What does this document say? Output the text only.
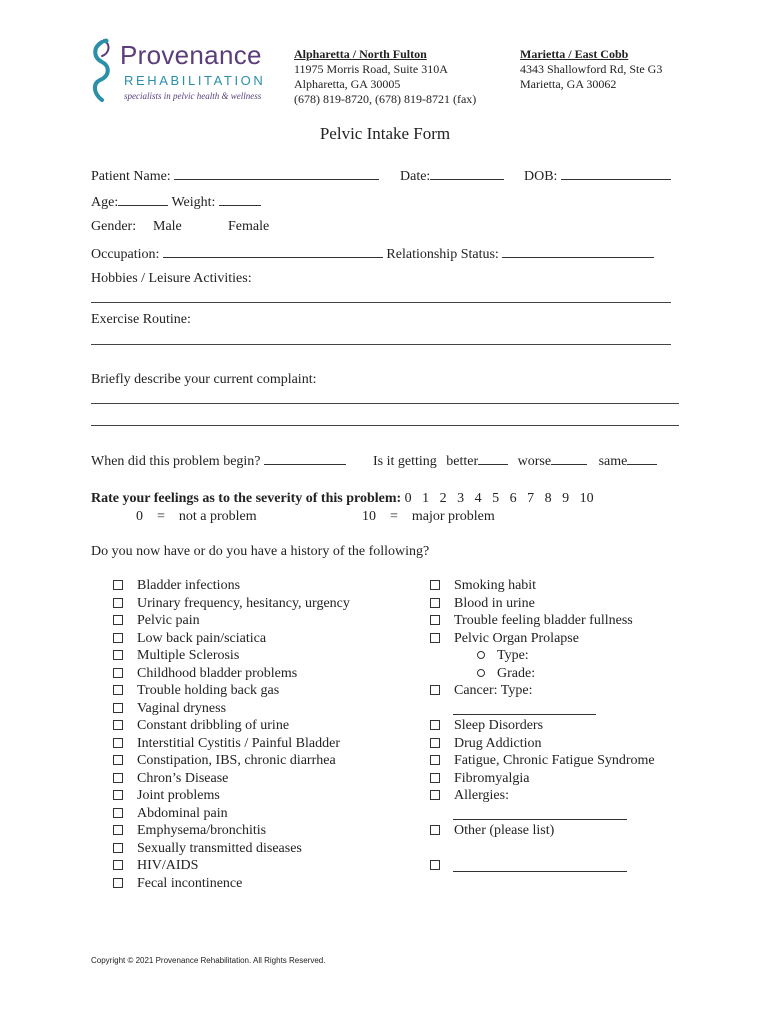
Provenance
REHABILITATION
specialists in pelvic health & wellness
Alpharetta / North Fulton
11975 Morris Road, Suite 310A
Alpharetta, GA 30005
(678) 819-8720, (678) 819-8721 (fax)
Marietta / East Cobb
4343 Shallowford Rd, Ste G3
Marietta, GA 30062
Pelvic Intake Form
Patient Name:	Date:	DOB:
Age:	Weight:
Gender: Male	Female
Occupation:	Relationship Status:
Hobbies / Leisure Activities:
Exercise Routine:
Briefly describe your current complaint:
When did this problem begin?	Is it getting better	worse	same
Rate your feelings as to the severity of this problem: 0   1   2   3   4   5   6   7   8   9   10
0    =    not a problem	10    =    major problem
Do you now have or do you have a history of the following?
Bladder infections
Urinary frequency, hesitancy, urgency
Pelvic pain
Low back pain/sciatica
Multiple Sclerosis
Childhood bladder problems
Trouble holding back gas
Vaginal dryness
Constant dribbling of urine
Interstitial Cystitis / Painful Bladder
Constipation, IBS, chronic diarrhea
Chron’s Disease
Joint problems
Abdominal pain
Emphysema/bronchitis
Sexually transmitted diseases
HIV/AIDS
Fecal incontinence
Smoking habit
Blood in urine
Trouble feeling bladder fullness
Pelvic Organ Prolapse
Type:
Grade:
Cancer: Type:
Sleep Disorders
Drug Addiction
Fatigue, Chronic Fatigue Syndrome
Fibromyalgia
Allergies:
Other (please list)
Copyright © 2021 Provenance Rehabilitation. All Rights Reserved.
